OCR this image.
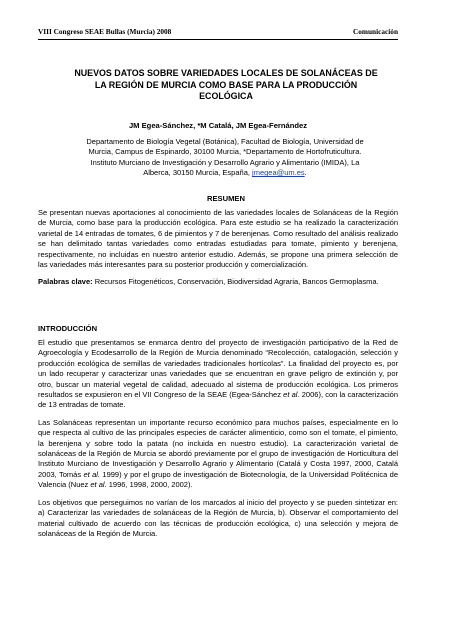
VIII Congreso SEAE Bullas (Murcia) 2008	Comunicación
NUEVOS DATOS SOBRE VARIEDADES LOCALES DE SOLANÁCEAS DE
LA REGIÓN DE MURCIA COMO BASE PARA LA PRODUCCIÓN
ECOLÓGICA
JM Egea-Sánchez, *M Catalá, JM Egea-Fernández
Departamento de Biología Vegetal (Botánica), Facultad de Biología, Universidad de
Murcia, Campus de Espinardo, 30100 Murcia, *Departamento de Hortofruticultura.
Instituto Murciano de Investigación y Desarrollo Agrario y Alimentario (IMIDA), La
Alberca, 30150 Murcia, España, jmegea@um.es.
RESUMEN

Se presentan nuevas aportaciones al conocimiento de las variedades locales de Solanáceas de la Región de Murcia, como base para la producción ecológica. Para este estudio se ha realizado la caracterización varietal de 14 entradas de tomates, 6 de pimientos y 7 de berenjenas. Como resultado del análisis realizado se han delimitado tantas variedades como entradas estudiadas para tomate, pimiento y berenjena, respectivamente, no incluidas en nuestro anterior estudio. Además, se propone una primera selección de las variedades más interesantes para su posterior producción y comercialización.

Palabras clave: Recursos Fitogenéticos, Conservación, Biodiversidad Agraria, Bancos Germoplasma.

INTRODUCCIÓN

El estudio que presentamos se enmarca dentro del proyecto de investigación participativo de la Red de Agroecología y Ecodesarrollo de la Región de Murcia denominado “Recolección, catalogación, selección y producción ecológica de semillas de variedades tradicionales hortícolas”. La finalidad del proyecto es, por un lado recuperar y caracterizar unas variedades que se encuentran en grave peligro de extinción y, por otro, buscar un material vegetal de calidad, adecuado al sistema de producción ecológica. Los primeros resultados se expusieron en el VII Congreso de la SEAE (Egea-Sánchez et al. 2006), con la caracterización de 13 entradas de tomate.

Las Solanáceas representan un importante recurso económico para muchos países, especialmente en lo que respecta al cultivo de las principales especies de carácter alimenticio, como son el tomate, el pimiento, la berenjena y sobre todo la patata (no incluida en nuestro estudio). La caracterización varietal de solanáceas de la Región de Murcia se abordó previamente por el grupo de investigación de Horticultura del Instituto Murciano de Investigación y Desarrollo Agrario y Alimentario (Catalá y Costa 1997, 2000, Catalá 2003, Tomás et al. 1999) y por el grupo de investigación de Biotecnología, de la Universidad Politécnica de Valencia (Nuez et al. 1996, 1998, 2000, 2002).

Los objetivos que perseguimos no varían de los marcados al inicio del proyecto y se pueden sintetizar en: a) Caracterizar las variedades de solanáceas de la Región de Murcia, b). Observar el comportamiento del material cultivado de acuerdo con las técnicas de producción ecológica, c) una selección y mejora de solanáceas de la Región de Murcia.
